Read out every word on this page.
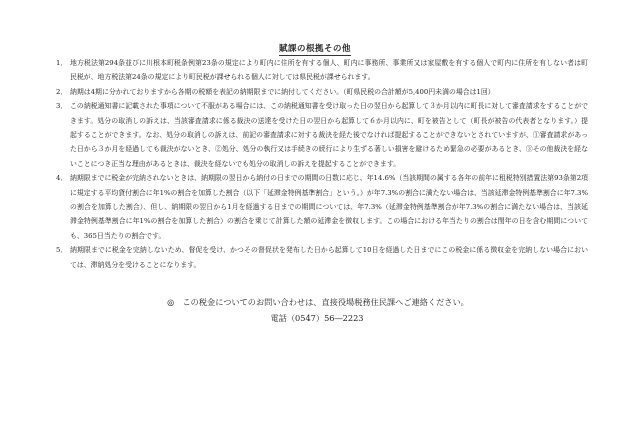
賦課の根拠その他
1． 地方税法第294条並びに川根本町税条例第23条の規定により町内に住所を有する個人、町内に事務所、事業所又は家屋敷を有する個人で町内に住所を有しない者は町民税が、地方税法第24条の規定により町民税が課せられる個人に対しては県民税が課せられます。
2． 納期は4期に分かれておりますから各期の税額を表記の納期限までに納付してください。（町県民税の合計額が5,400円未満の場合は1回）
3． この納税通知書に記載された事項について不服がある場合には、この納税通知書を受け取った日の翌日から起算して３か月以内に町長に対して審査請求をすることができます。処分の取消しの訴えは、当該審査請求に係る裁決の送達を受けた日の翌日から起算して６か月以内に、町を被告として（町長が被告の代表者となります。）提起することができます。なお、処分の取消しの訴えは、前記の審査請求に対する裁決を経た後でなければ提起することができないとされていますが、①審査請求があった日から３か月を経過しても裁決がないとき、②処分、処分の執行又は手続きの続行により生ずる著しい損害を避けるため緊急の必要があるとき、③その他裁決を経ないことにつき正当な理由があるときは、裁決を経ないでも処分の取消しの訴えを提起することができます。
4． 納期限までに税金が完納されないときは、納期限の翌日から納付の日までの期間の日数に応じ、年14.6%（当該期間の属する各年の前年に租税特別措置法第93条第2項に規定する平均貸付割合に年1%の割合を加算した割合（以下「延滞金特例基準割合」という。）が年7.3%の割合に満たない場合は、当該延滞金特例基準割合に年7.3%の割合を加算した割合）、但し、納期限の翌日から1月を経過する日までの期間については、年7.3%（延滞金特例基準割合が年7.3%の割合に満たない場合は、当該延滞金特例基準割合に年1%の割合を加算した割合）の割合を乗じて計算した額の延滞金を徴収します。この場合における年当たりの割合は閏年の日を含む期間についても、365日当たりの割合です。
5． 納期限までに税金を完納しないため、督促を受け、かつその督促状を発布した日から起算して10日を経過した日までにこの税金に係る徴収金を完納しない場合においては、滞納処分を受けることになります。
◎　この税金についてのお問い合わせは、直接役場税務住民課へご連絡ください。
電話（0547）56―2223
